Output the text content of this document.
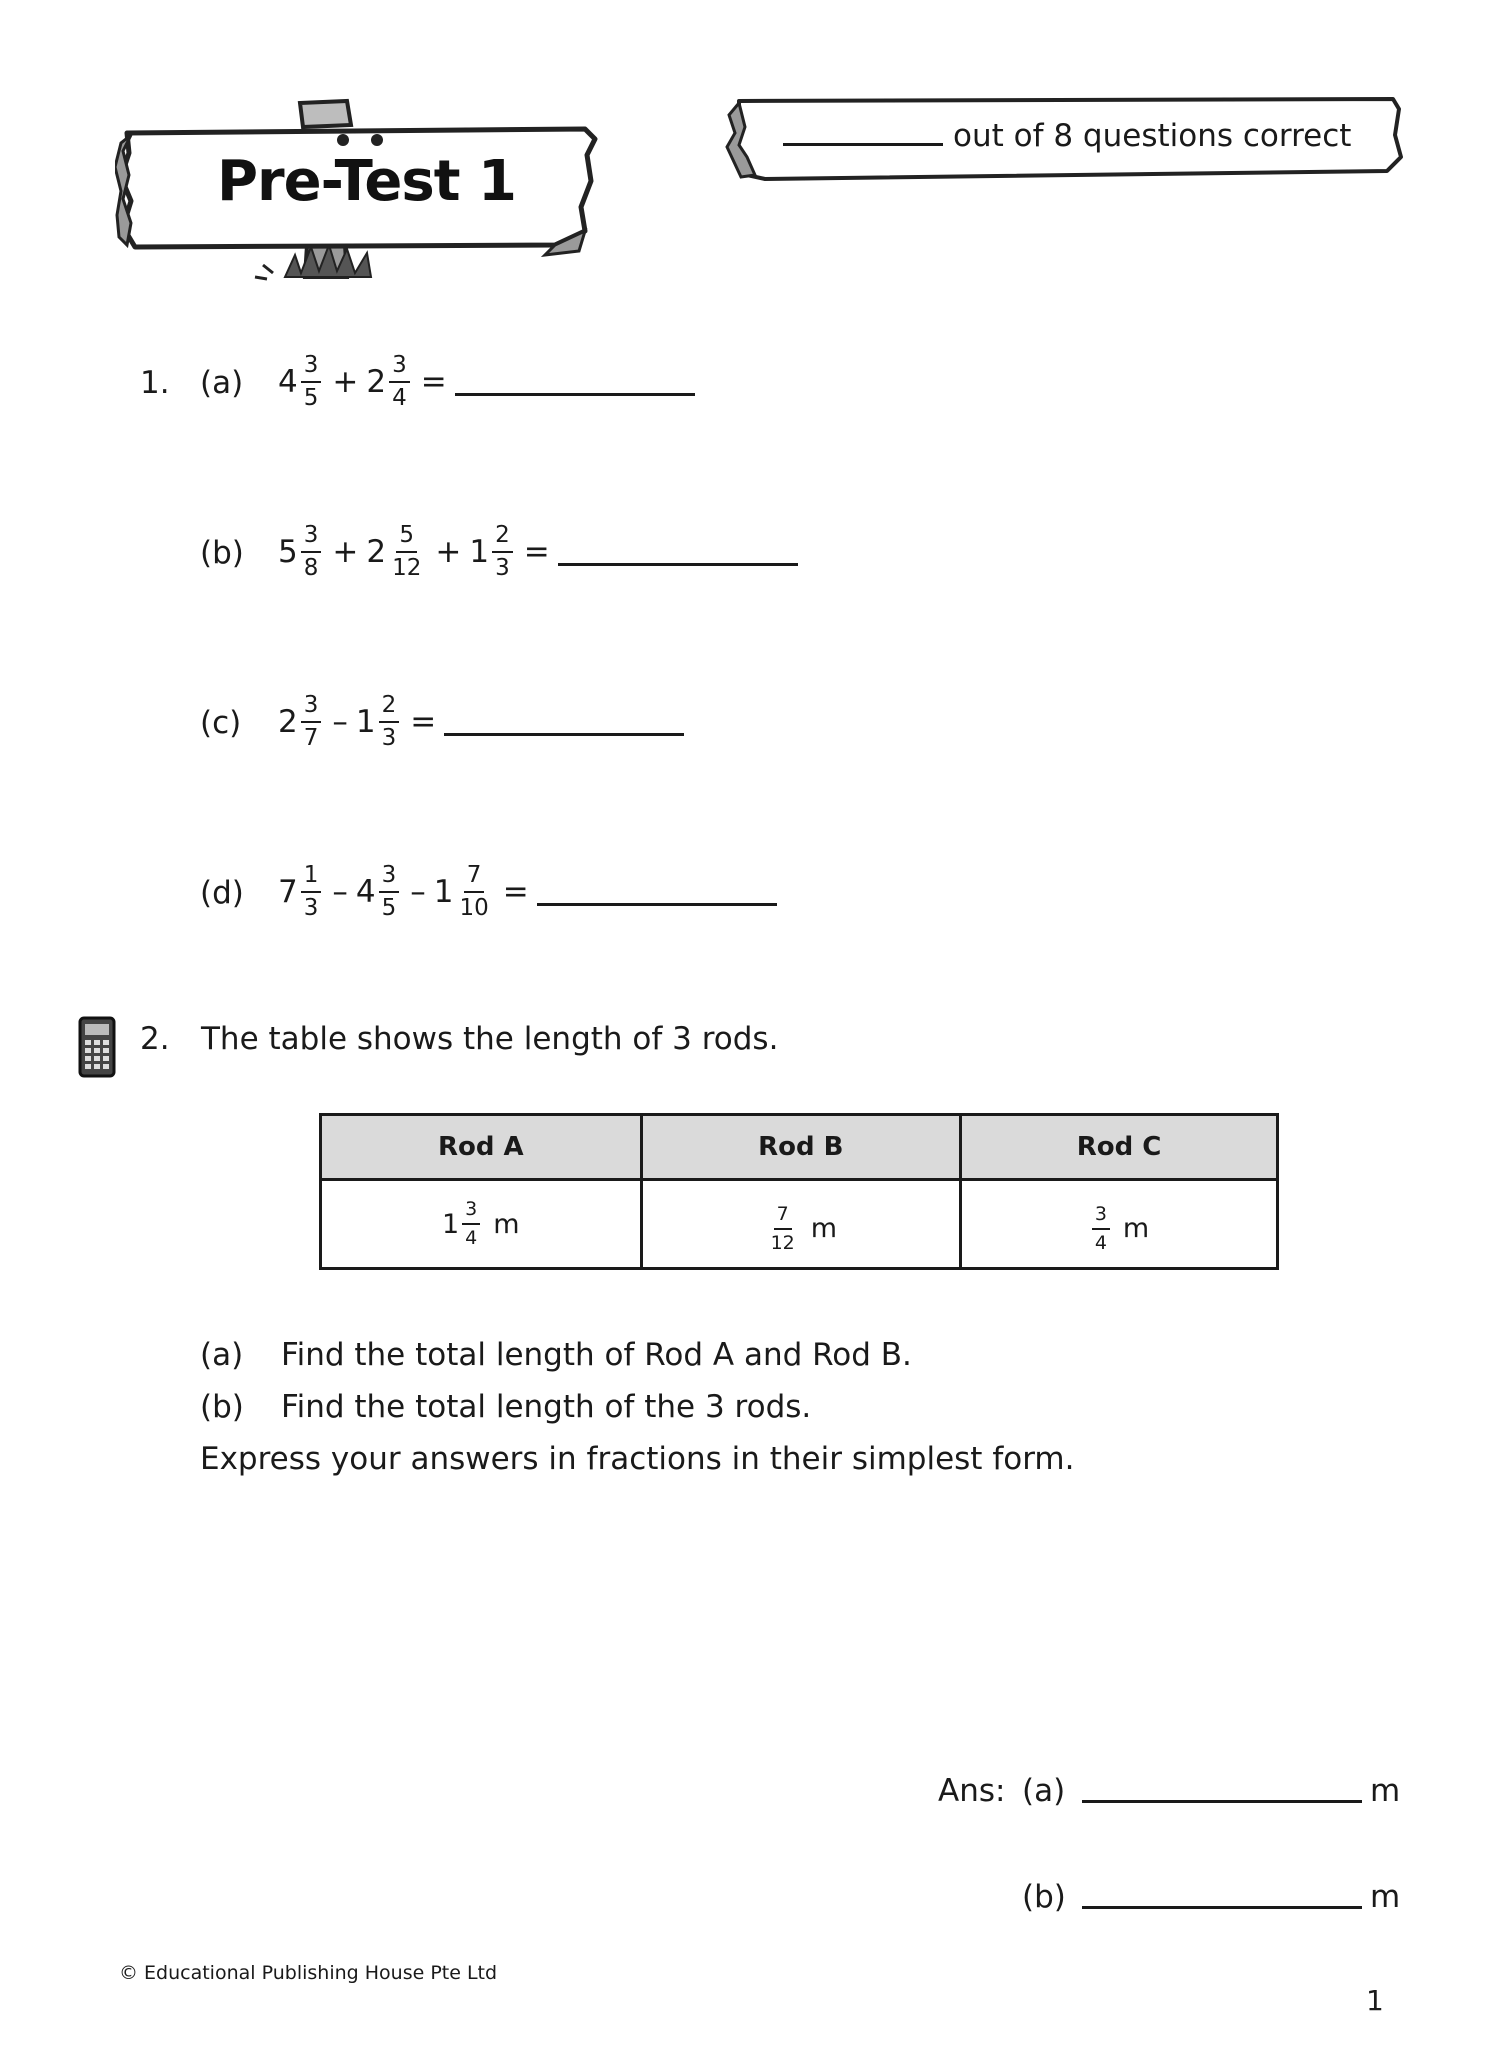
Pre-Test 1
out of 8 questions correct
1. (a) $4 \frac{3}{5} + 2 \frac{3}{4}$ =
(b) $5 \frac{3}{8} + 2 \frac{5}{12} + 1 \frac{2}{3}$ =
(c) $2 \frac{3}{7} - 1 \frac{2}{3}$ =
(d) $7 \frac{1}{3} - 4 \frac{3}{5} - 1 \frac{7}{10}$ =
2. The table shows the length of 3 rods.
Rod A	Rod B	Rod C

$1 \frac{3}{4}$ m	$\frac{7}{12}$ m	$\frac{3}{4}$ m
(a) Find the total length of Rod A and Rod B.
(b) Find the total length of the 3 rods.
Express your answers in fractions in their simplest form.
Ans: (a)	m
(b)	m
© Educational Publishing House Pte Ltd
1
